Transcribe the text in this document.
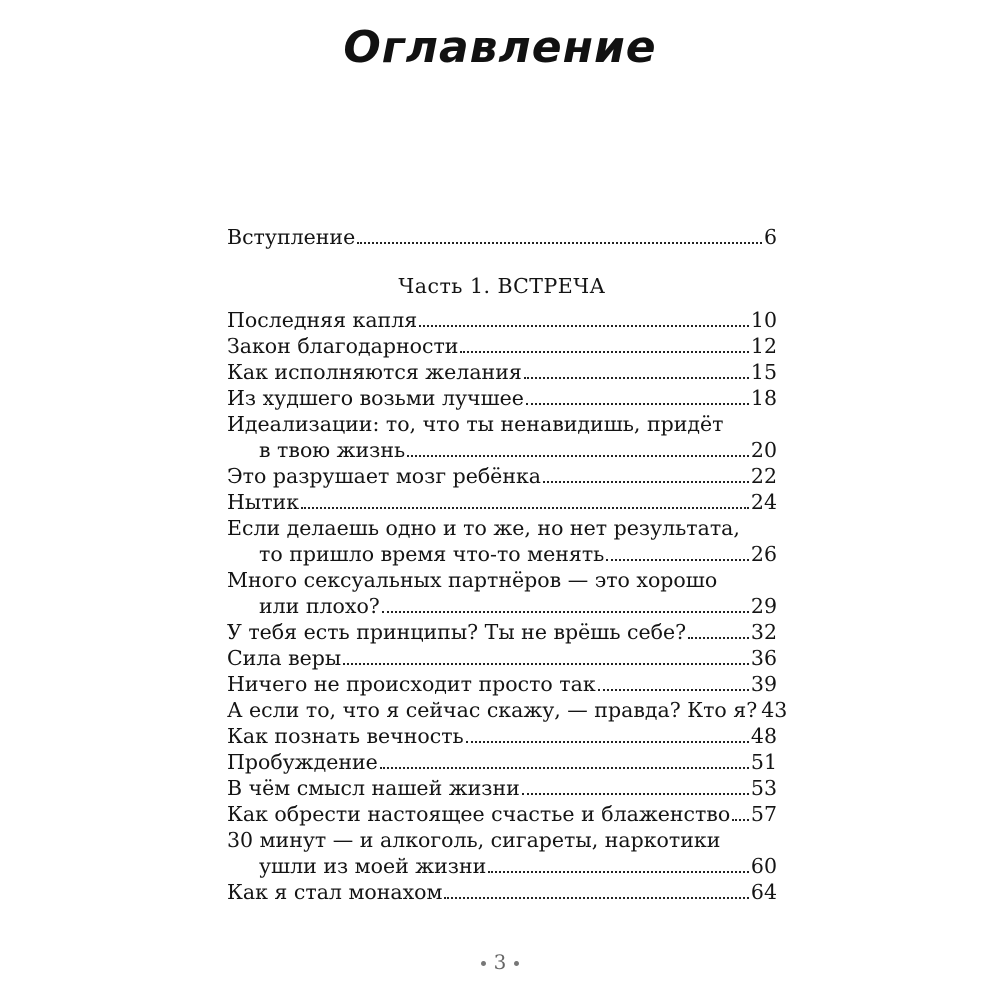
Оглавление
Вступление	6
Часть 1. ВСТРЕЧА
Последняя капля	10
Закон благодарности	12
Как исполняются желания	15
Из худшего возьми лучшее	18
Идеализации: то, что ты ненавидишь, придёт
в твою жизнь	20
Это разрушает мозг ребёнка	22
Нытик	24
Если делаешь одно и то же, но нет результата,
то пришло время что-то менять	26
Много сексуальных партнёров — это хорошо
или плохо?	29
У тебя есть принципы? Ты не врёшь себе?	32
Сила веры	36
Ничего не происходит просто так	39
А если то, что я сейчас скажу, — правда? Кто я? 43
Как познать вечность	48
Пробуждение	51
В чём смысл нашей жизни	53
Как обрести настоящее счастье и блаженство 57
30 минут — и алкоголь, сигареты, наркотики
ушли из моей жизни	60
Как я стал монахом	64
3
